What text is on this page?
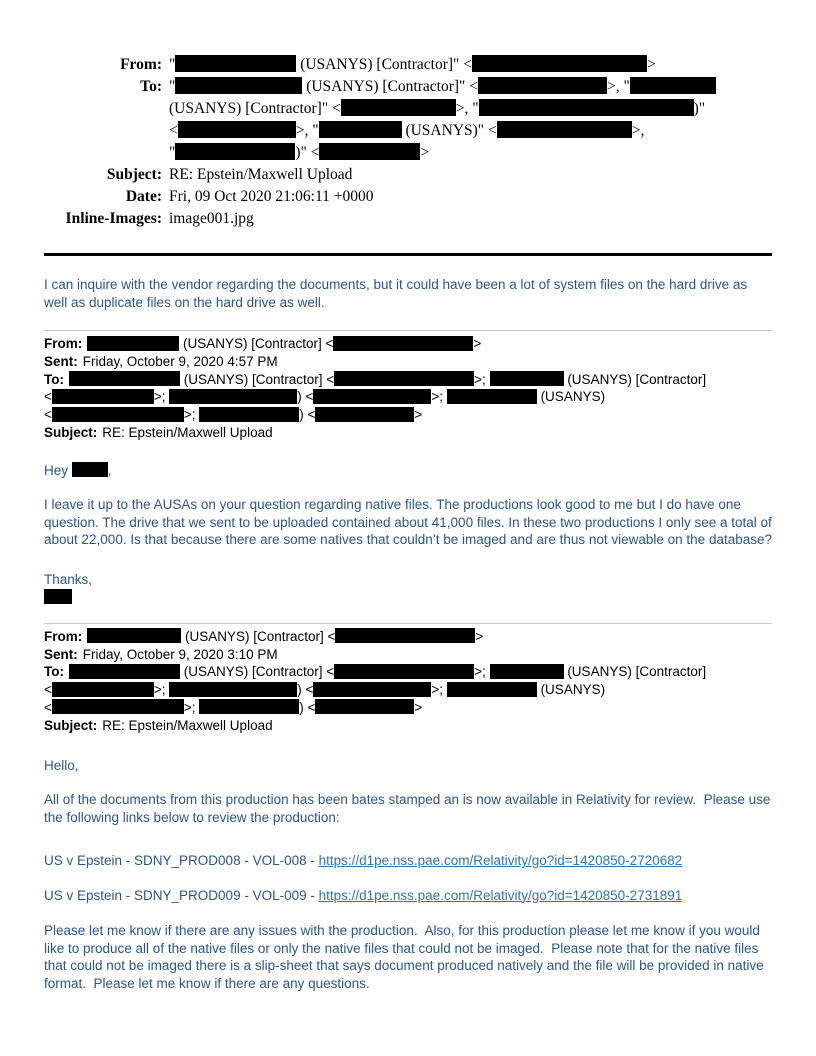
From: "	(USANYS) [Contractor]" <	>
To: "	(USANYS) [Contractor]" <	>, "
(USANYS) [Contractor]" <	>, "	)"
<	>, "	(USANYS)" <	>,
"	)" <	>
Subject: RE: Epstein/Maxwell Upload
Date: Fri, 09 Oct 2020 21:06:11 +0000
Inline-Images: image001.jpg

I can inquire with the vendor regarding the documents, but it could have been a lot of system files on the hard drive as well as duplicate files on the hard drive as well.

From:	(USANYS) [Contractor] <	>

Sent: Friday, October 9, 2020 4:57 PM

To:	(USANYS) [Contractor] <	>;	(USANYS) [Contractor]
<	>;	) <	>;	(USANYS)
<	>;	) <	>

Subject: RE: Epstein/Maxwell Upload

Hey	,

I leave it up to the AUSAs on your question regarding native files. The productions look good to me but I do have one question. The drive that we sent to be uploaded contained about 41,000 files. In these two productions I only see a total of about 22,000. Is that because there are some natives that couldn’t be imaged and are thus not viewable on the database?

Thanks,

From:	(USANYS) [Contractor] <	>

Sent: Friday, October 9, 2020 3:10 PM

To:	(USANYS) [Contractor] <	>;	(USANYS) [Contractor]
<	>;	) <	>;	(USANYS)
<	>;	) <	>

Subject: RE: Epstein/Maxwell Upload

Hello,

All of the documents from this production has been bates stamped an is now available in Relativity for review.  Please use the following links below to review the production:

US v Epstein - SDNY_PROD008 - VOL-008 - https://d1pe.nss.pae.com/Relativity/go?id=1420850-2720682

US v Epstein - SDNY_PROD009 - VOL-009 - https://d1pe.nss.pae.com/Relativity/go?id=1420850-2731891

Please let me know if there are any issues with the production.  Also, for this production please let me know if you would like to produce all of the native files or only the native files that could not be imaged.  Please note that for the native files that could not be imaged there is a slip-sheet that says document produced natively and the file will be provided in native format.  Please let me know if there are any questions.
